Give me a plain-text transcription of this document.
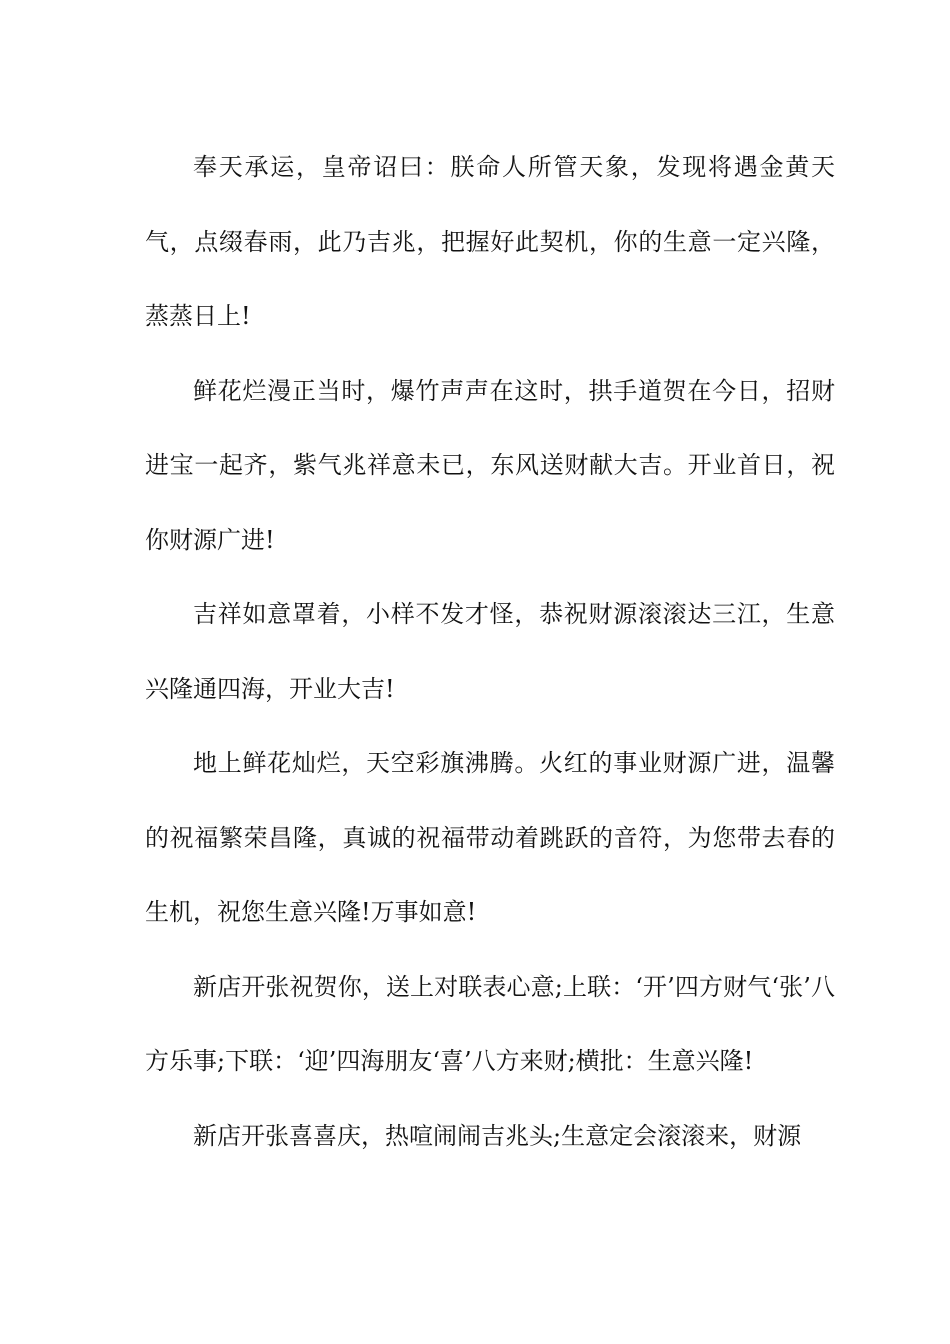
奉天承运，皇帝诏曰：朕命人所管天象，发现将遇金黄天气，点缀春雨，此乃吉兆，把握好此契机，你的生意一定兴隆，蒸蒸日上!

鲜花烂漫正当时，爆竹声声在这时，拱手道贺在今日，招财进宝一起齐，紫气兆祥意未已，东风送财献大吉。开业首日，祝你财源广进!

吉祥如意罩着，小样不发才怪，恭祝财源滚滚达三江，生意兴隆通四海，开业大吉!

地上鲜花灿烂，天空彩旗沸腾。火红的事业财源广进，温馨的祝福繁荣昌隆，真诚的祝福带动着跳跃的音符，为您带去春的生机，祝您生意兴隆!万事如意!

新店开张祝贺你，送上对联表心意;上联：‘开’四方财气‘张’八方乐事;下联：‘迎’四海朋友‘喜’八方来财;横批：生意兴隆!

新店开张喜喜庆，热喧闹闹吉兆头;生意定会滚滚来，财源
